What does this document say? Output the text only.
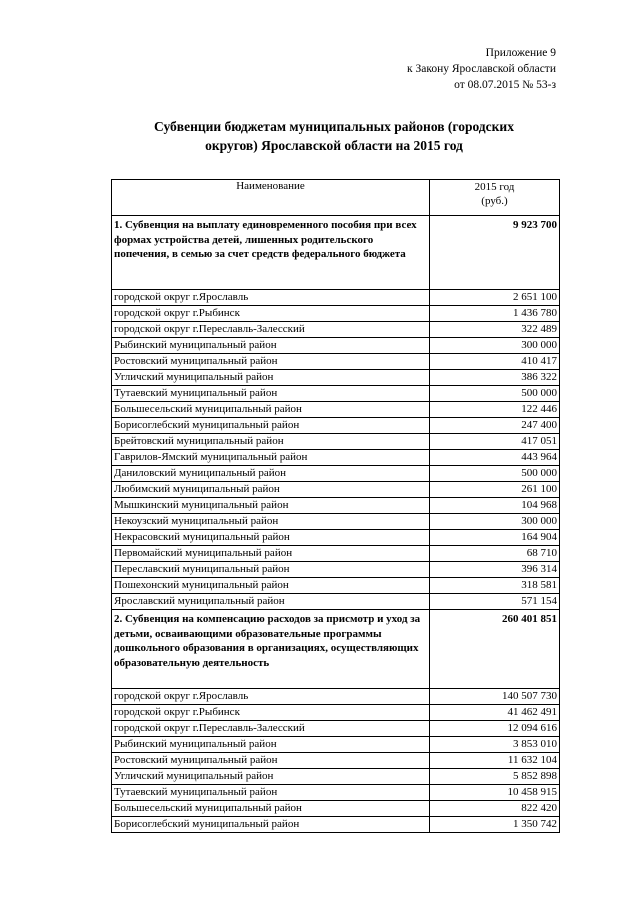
Приложение 9
к Закону Ярославской области
от 08.07.2015 № 53-з
Субвенции бюджетам муниципальных районов (городских
округов) Ярославской области на 2015 год
Наименование	2015 год
(руб.)

1. Субвенция на выплату единовременного пособия при всех формах устройства детей, лишенных родительского попечения, в семью за счет средств федерального бюджета	9 923 700
городской округ г.Ярославль	2 651 100
городской округ г.Рыбинск	1 436 780
городской округ г.Переславль-Залесский	322 489
Рыбинский муниципальный район	300 000
Ростовский муниципальный район	410 417
Угличский муниципальный район	386 322
Тутаевский муниципальный район	500 000
Большесельский муниципальный район	122 446
Борисоглебский муниципальный район	247 400
Брейтовский муниципальный район	417 051
Гаврилов-Ямский муниципальный район	443 964
Даниловский муниципальный район	500 000
Любимский муниципальный район	261 100
Мышкинский муниципальный район	104 968
Некоузский муниципальный район	300 000
Некрасовский муниципальный район	164 904
Первомайский муниципальный район	68 710
Переславский муниципальный район	396 314
Пошехонский муниципальный район	318 581
Ярославский муниципальный район	571 154
2. Субвенция на компенсацию расходов за присмотр и уход за детьми, осваивающими образовательные программы дошкольного образования в организациях, осуществляющих образовательную деятельность	260 401 851
городской округ г.Ярославль	140 507 730
городской округ г.Рыбинск	41 462 491
городской округ г.Переславль-Залесский	12 094 616
Рыбинский муниципальный район	3 853 010
Ростовский муниципальный район	11 632 104
Угличский муниципальный район	5 852 898
Тутаевский муниципальный район	10 458 915
Большесельский муниципальный район	822 420
Борисоглебский муниципальный район	1 350 742
